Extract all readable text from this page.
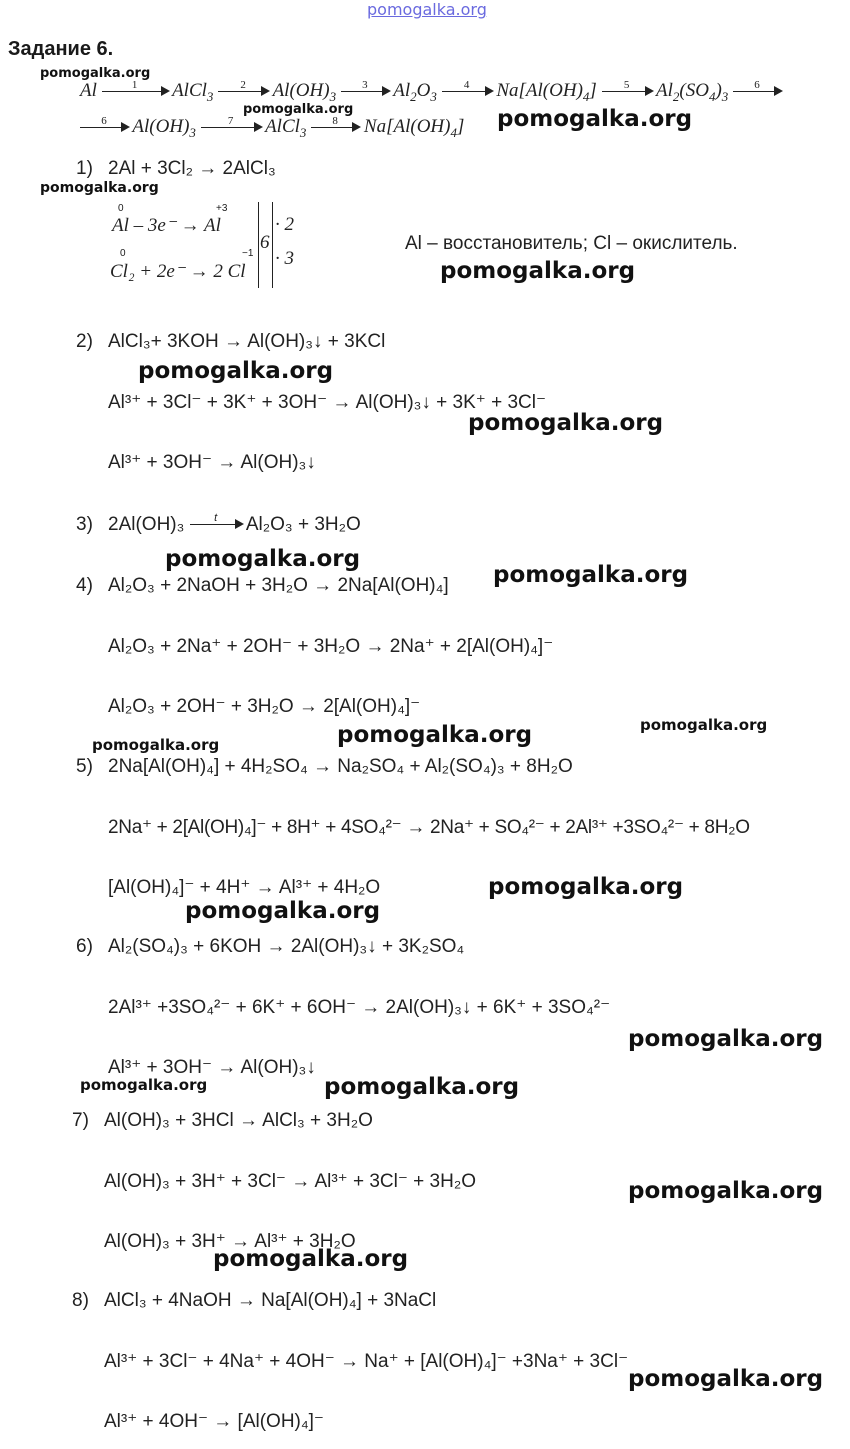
pomogalka.org
Задание 6.
pomogalka.org
Al	1	AlCl$_3$
2	$Al(OH)_3$
3	$Al_2O_3$
4	$Na[Al(OH)_4]$	5	$Al_2(SO_4)_3$
6
pomogalka.org
6	$Al(OH)_3$
7	AlCl$_3$
8	$Na[Al(OH)_4]$ pomogalka.org
1) 2Al + 3Cl₂ → 2AlCl₃
pomogalka.org
0	+3
Al – 3e⁻ → Al
0	−1
Cl₂ + 2e⁻ → 2 Cl
6
· 2
· 3
Al – восстановитель; Cl – окислитель.
pomogalka.org
2) AlCl₃+ 3KOH → Al(OH)₃↓ + 3KCl
pomogalka.org
Al³⁺ + 3Cl⁻ + 3K⁺ + 3OH⁻ → Al(OH)₃↓ + 3K⁺ + 3Cl⁻
pomogalka.org
Al³⁺ + 3OH⁻ → Al(OH)₃↓
3) 2Al(OH)₃	t	Al₂O₃ + 3H₂O
pomogalka.org
4) Al₂O₃ + 2NaOH + 3H₂O → 2Na[Al(OH)₄] pomogalka.org
Al₂O₃ + 2Na⁺ + 2OH⁻ + 3H₂O → 2Na⁺ + 2[Al(OH)₄]⁻
Al₂O₃ + 2OH⁻ + 3H₂O → 2[Al(OH)₄]⁻
pomogalka.org
pomogalka.org
pomogalka.org
5) 2Na[Al(OH)₄] + 4H₂SO₄ → Na₂SO₄ + Al₂(SO₄)₃ + 8H₂O
2Na⁺ + 2[Al(OH)₄]⁻ + 8H⁺ + 4SO₄²⁻ → 2Na⁺ + SO₄²⁻ + 2Al³⁺ +3SO₄²⁻ + 8H₂O
[Al(OH)₄]⁻ + 4H⁺ → Al³⁺ + 4H₂O	pomogalka.org
pomogalka.org
6) Al₂(SO₄)₃ + 6KOH → 2Al(OH)₃↓ + 3K₂SO₄
2Al³⁺ +3SO₄²⁻ + 6K⁺ + 6OH⁻ → 2Al(OH)₃↓ + 6K⁺ + 3SO₄²⁻
pomogalka.org
Al³⁺ + 3OH⁻ → Al(OH)₃↓
pomogalka.org	pomogalka.org
7) Al(OH)₃ + 3HCl → AlCl₃ + 3H₂O
Al(OH)₃ + 3H⁺ + 3Cl⁻ → Al³⁺ + 3Cl⁻ + 3H₂O	pomogalka.org
Al(OH)₃ + 3H⁺ → Al³⁺ + 3H₂O
pomogalka.org
8) AlCl₃ + 4NaOH → Na[Al(OH)₄] + 3NaCl
Al³⁺ + 3Cl⁻ + 4Na⁺ + 4OH⁻ → Na⁺ + [Al(OH)₄]⁻ +3Na⁺ + 3Cl⁻
pomogalka.org
Al³⁺ + 4OH⁻ → [Al(OH)₄]⁻
